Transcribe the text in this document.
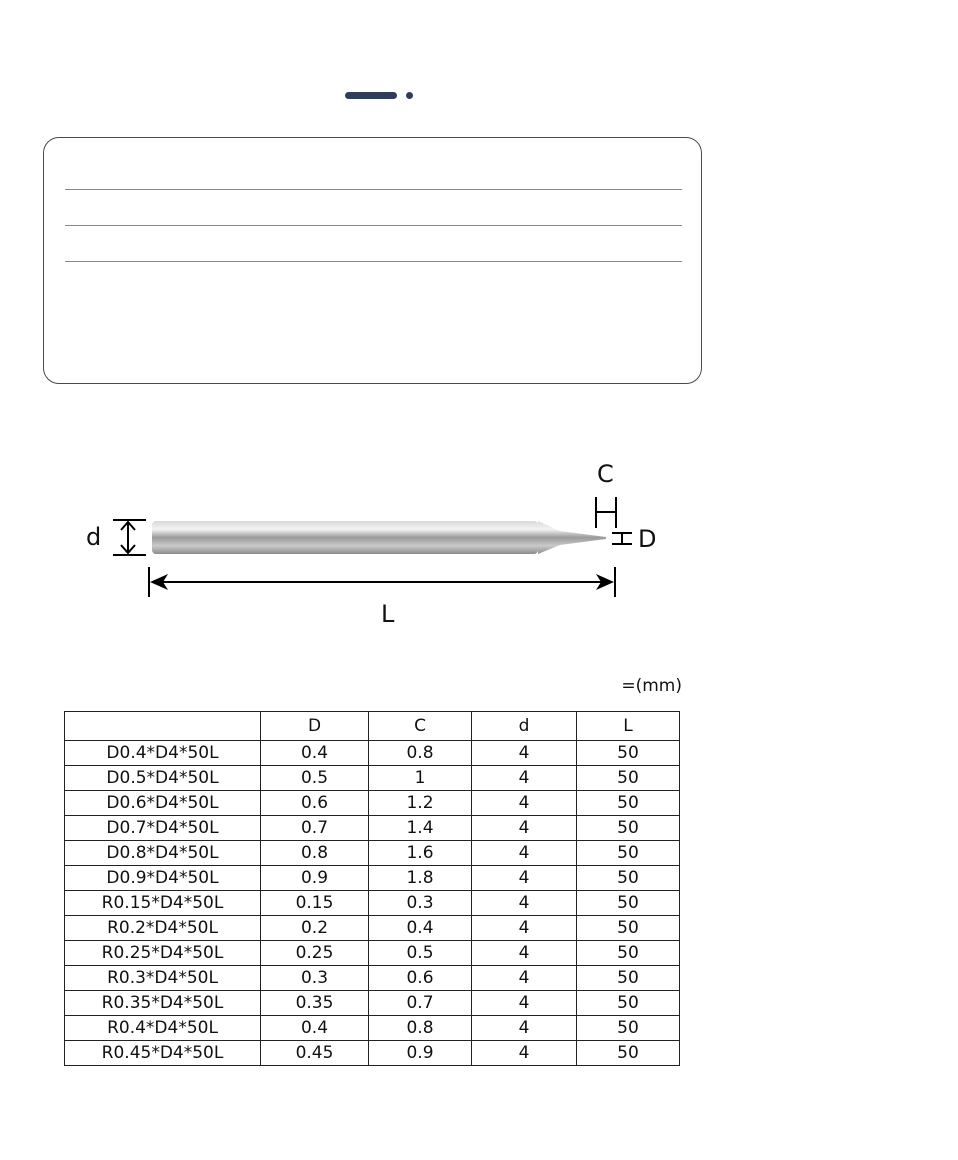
d
C
D
L
=(mm)
	D	C	d	L
D0.4*D4*50L	0.4	0.8	4	50
D0.5*D4*50L	0.5	1	4	50
D0.6*D4*50L	0.6	1.2	4	50
D0.7*D4*50L	0.7	1.4	4	50
D0.8*D4*50L	0.8	1.6	4	50
D0.9*D4*50L	0.9	1.8	4	50
R0.15*D4*50L	0.15	0.3	4	50
R0.2*D4*50L	0.2	0.4	4	50
R0.25*D4*50L	0.25	0.5	4	50
R0.3*D4*50L	0.3	0.6	4	50
R0.35*D4*50L	0.35	0.7	4	50
R0.4*D4*50L	0.4	0.8	4	50
R0.45*D4*50L	0.45	0.9	4	50
